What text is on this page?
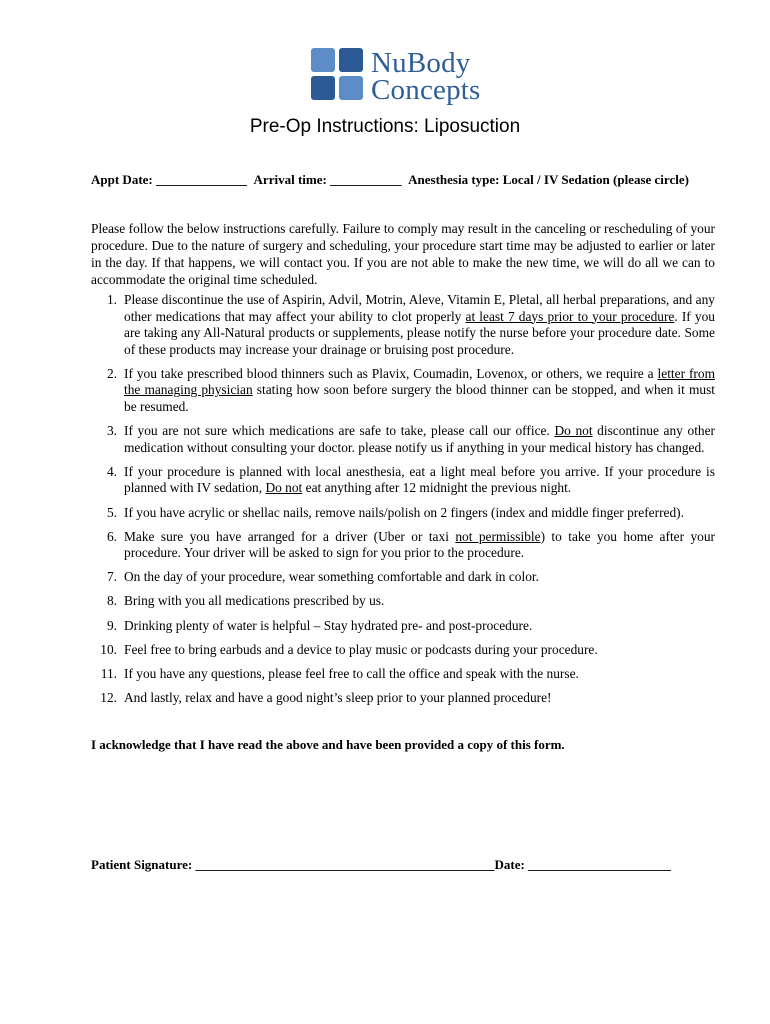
NuBody
Concepts
Pre-Op Instructions: Liposuction
Appt Date: ______________ Arrival time: ___________ Anesthesia type: Local / IV Sedation (please circle)
Please follow the below instructions carefully. Failure to comply may result in the canceling or rescheduling of your procedure. Due to the nature of surgery and scheduling, your procedure start time may be adjusted to earlier or later in the day. If that happens, we will contact you. If you are not able to make the new time, we will do all we can to accommodate the original time scheduled.
1. Please discontinue the use of Aspirin, Advil, Motrin, Aleve, Vitamin E, Pletal, all herbal preparations, and any other medications that may affect your ability to clot properly at least 7 days prior to your procedure. If you are taking any All-Natural products or supplements, please notify the nurse before your procedure date. Some of these products may increase your drainage or bruising post procedure.
2. If you take prescribed blood thinners such as Plavix, Coumadin, Lovenox, or others, we require a letter from the managing physician stating how soon before surgery the blood thinner can be stopped, and when it must be resumed.
3. If you are not sure which medications are safe to take, please call our office. Do not discontinue any other medication without consulting your doctor. please notify us if anything in your medical history has changed.
4. If your procedure is planned with local anesthesia, eat a light meal before you arrive. If your procedure is planned with IV sedation, Do not eat anything after 12 midnight the previous night.
5. If you have acrylic or shellac nails, remove nails/polish on 2 fingers (index and middle finger preferred).
6. Make sure you have arranged for a driver (Uber or taxi not permissible) to take you home after your procedure. Your driver will be asked to sign for you prior to the procedure.
7. On the day of your procedure, wear something comfortable and dark in color.
8. Bring with you all medications prescribed by us.
9. Drinking plenty of water is helpful – Stay hydrated pre- and post-procedure.
10. Feel free to bring earbuds and a device to play music or podcasts during your procedure.
11. If you have any questions, please feel free to call the office and speak with the nurse.
12. And lastly, relax and have a good night’s sleep prior to your planned procedure!
I acknowledge that I have read the above and have been provided a copy of this form.
Patient Signature: ______________________________________________Date: ______________________
